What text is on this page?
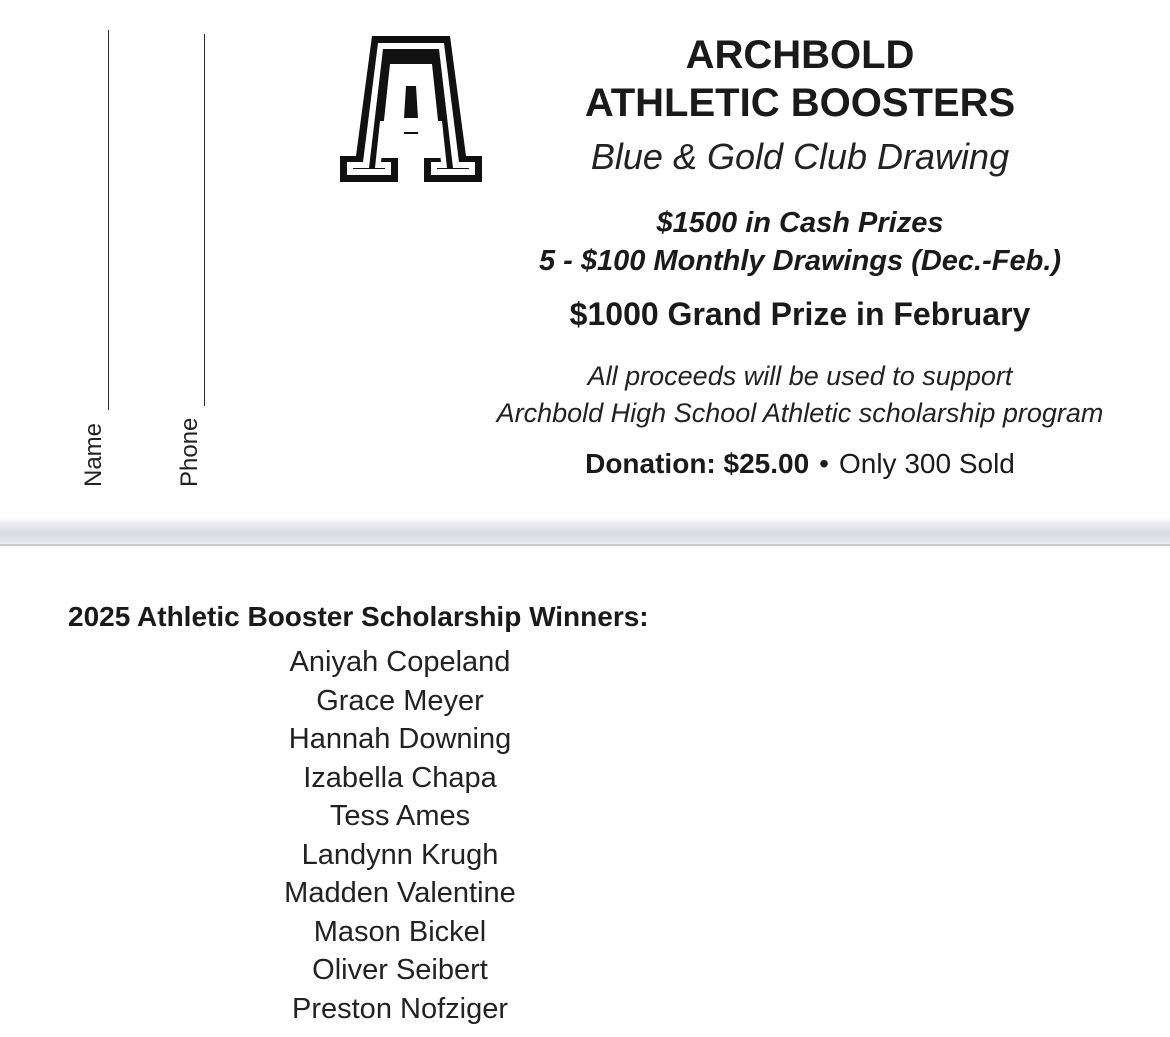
Name	Phone
ARCHBOLD
ATHLETIC BOOSTERS
Blue & Gold Club Drawing
$1500 in Cash Prizes
5 - $100 Monthly Drawings (Dec.-Feb.)
$1000 Grand Prize in February
All proceeds will be used to support
Archbold High School Athletic scholarship program
Donation: $25.00 • Only 300 Sold
2025 Athletic Booster Scholarship Winners:
Aniyah Copeland
Grace Meyer
Hannah Downing
Izabella Chapa
Tess Ames
Landynn Krugh
Madden Valentine
Mason Bickel
Oliver Seibert
Preston Nofziger
